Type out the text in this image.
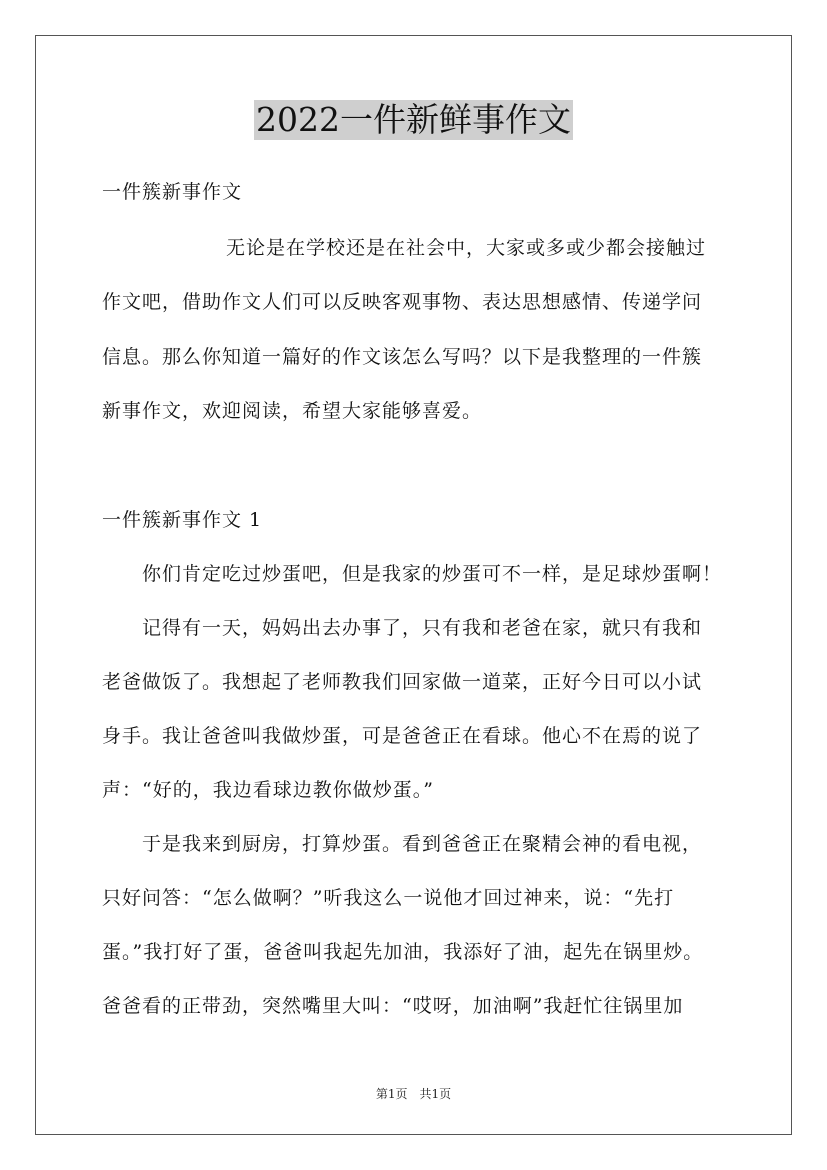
2022一件新鲜事作文
一件簇新事作文
无论是在学校还是在社会中，大家或多或少都会接触过
作文吧，借助作文人们可以反映客观事物、表达思想感情、传递学问
信息。那么你知道一篇好的作文该怎么写吗？以下是我整理的一件簇
新事作文，欢迎阅读，希望大家能够喜爱。
一件簇新事作文 1
你们肯定吃过炒蛋吧，但是我家的炒蛋可不一样，是足球炒蛋啊！
记得有一天，妈妈出去办事了，只有我和老爸在家，就只有我和
老爸做饭了。我想起了老师教我们回家做一道菜，正好今日可以小试
身手。我让爸爸叫我做炒蛋，可是爸爸正在看球。他心不在焉的说了
声：“好的，我边看球边教你做炒蛋。”
于是我来到厨房，打算炒蛋。看到爸爸正在聚精会神的看电视，
只好问答：“怎么做啊？”听我这么一说他才回过神来，说：“先打
蛋。”我打好了蛋，爸爸叫我起先加油，我添好了油，起先在锅里炒。
爸爸看的正带劲，突然嘴里大叫：“哎呀，加油啊”我赶忙往锅里加
第1页　共1页
